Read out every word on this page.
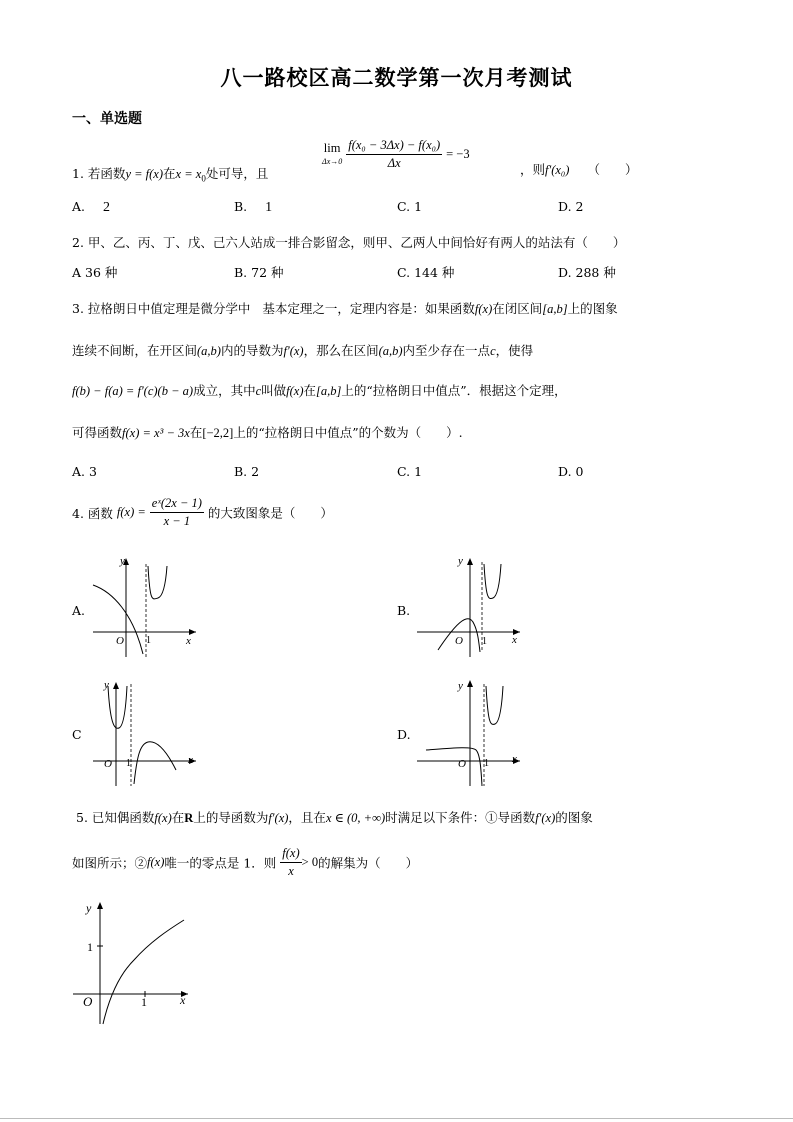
八一路校区高二数学第一次月考测试
一、单选题
1. 若函数y = f(x)在$x = x_0$处可导，且
lim
$\Delta x\to 0 \frac{\text{f(x₀ − 3Δx) − f(x₀)}}{\Delta x} = -3$
，则f′(x₀) （　　）
A. 2	B. 1	C. 1	D. 2
2. 甲、乙、丙、丁、戊、己六人站成一排合影留念，则甲、乙两人中间恰好有两人的站法有（　　）
A 36 种	B. 72 种	C. 144 种	D. 288 种
3. 拉格朗日中值定理是微分学中 基本定理之一，定理内容是：如果函数f(x)在闭区间[a,b]上的图象
连续不间断，在开区间(a,b)内的导数为f′(x)，那么在区间(a,b)内至少存在一点c，使得
f(b) − f(a) = f′(c)(b − a)成立，其中c叫做f(x)在[a,b]上的“拉格朗日中值点”．根据这个定理，
可得函数f(x) = x³ − 3x在[−2,2]上的“拉格朗日中值点”的个数为（　　）.
A. 3	B. 2	C. 1	D. 0
4. 函数 $f(x) = \frac{\text{eˣ(2x − 1)}}{x - 1}$ 的大致图象是（　　）
A.	B.
C	D.
y
x
O 1
y
x
O 1
y
x
O 1
y
x
O 1
5. 已知偶函数f(x)在R上的导函数为f′(x)，且在x ∈ (0, +∞)时满足以下条件：①导函数f′(x)的图象
如图所示；②f(x)唯一的零点是 1．则 $\frac{f(x)}{x} > 0$的解集为（　　）
y
x
O	1
1
